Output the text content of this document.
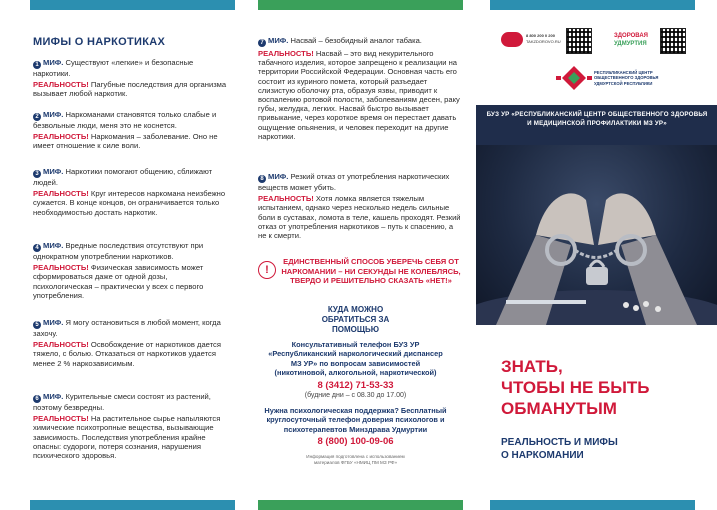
МИФЫ О НАРКОТИКАХ

1 МИФ. Существуют «легкие» и безопасные наркотики.

РЕАЛЬНОСТЬ! Пагубные последствия для организма вызывает любой наркотик.

2 МИФ. Наркоманами становятся только слабые и безвольные люди, меня это не коснется.

РЕАЛЬНОСТЬ! Наркомания – заболевание. Оно не имеет отношение к силе воли.

3 МИФ. Наркотики помогают общению, сближают людей.

РЕАЛЬНОСТЬ! Круг интересов наркомана неизбежно сужается. В конце концов, он ограничивается только необходимостью достать наркотик.

4 МИФ. Вредные последствия отсутствуют при однократном употреблении наркотиков.

РЕАЛЬНОСТЬ! Физическая зависимость может сформироваться даже от одной дозы, психологическая – практически у всех с первого употребления.

5 МИФ. Я могу остановиться в любой момент, когда захочу.

РЕАЛЬНОСТЬ! Освобождение от наркотиков дается тяжело, с болью. Отказаться от наркотиков удается менее 2 % наркозависимым.

6 МИФ. Курительные смеси состоят из растений, поэтому безвредны.

РЕАЛЬНОСТЬ! На растительное сырье напыляются химические психотропные вещества, вызывающие зависимость. Последствия употребления крайне опасны: судороги, потеря сознания, нарушения психического здоровья.

7 МИФ. Насвай – безобидный аналог табака.

РЕАЛЬНОСТЬ! Насвай – это вид некурительного табачного изделия, которое запрещено к реализации на территории Российской Федерации. Основная часть его состоит из куриного помета, который разъедает слизистую оболочку рта, образуя язвы, приводит к воспалению ротовой полости, заболеваниям десен, раку губы, желудка, легких. Насвай быстро вызывает привыкание, через короткое время он перестает давать ощущение опьянения, и человек переходит на другие наркотики.

8 МИФ. Резкий отказ от употребления наркотических веществ может убить.

РЕАЛЬНОСТЬ! Хотя ломка является тяжелым испытанием, однако через несколько недель сильные боли в суставах, ломота в теле, кашель проходят. Резкий отказ от употребления наркотиков – путь к спасению, а не к смерти.

!
ЕДИНСТВЕННЫЙ СПОСОБ УБЕРЕЧЬ СЕБЯ ОТ НАРКОМАНИИ – НИ СЕКУНДЫ НЕ КОЛЕБЛЯСЬ, ТВЕРДО И РЕШИТЕЛЬНО СКАЗАТЬ «НЕТ!»
КУДА МОЖНО ОБРАТИТЬСЯ ЗА ПОМОЩЬЮ
Консультативный телефон БУЗ УР «Республиканский наркологический диспансер МЗ УР» по вопросам зависимостей (никотиновой, алкогольной, наркотической)
8 (3412) 71-53-33
(будние дни – с 08.30 до 17.00)
Нужна психологическая поддержка? Бесплатный круглосуточный телефон доверия психологов и психотерапевтов Минздрава Удмуртии
8 (800) 100-09-06
Информация подготовлена с использованием материалов ФГБУ «НМИЦ ПМ МЗ РФ»
8 800 200 0 200
TAKZDOROVO.RU
ЗДОРОВАЯ
УДМУРТИЯ
РЕСПУБЛИКАНСКИЙ ЦЕНТР ОБЩЕСТВЕННОГО ЗДОРОВЬЯ УДМУРТСКОЙ РЕСПУБЛИКИ
БУЗ УР «РЕСПУБЛИКАНСКИЙ ЦЕНТР ОБЩЕСТВЕННОГО ЗДОРОВЬЯ И МЕДИЦИНСКОЙ ПРОФИЛАКТИКИ МЗ УР»
ЗНАТЬ,
ЧТОБЫ НЕ БЫТЬ
ОБМАНУТЫМ
РЕАЛЬНОСТЬ И МИФЫ
О НАРКОМАНИИ
